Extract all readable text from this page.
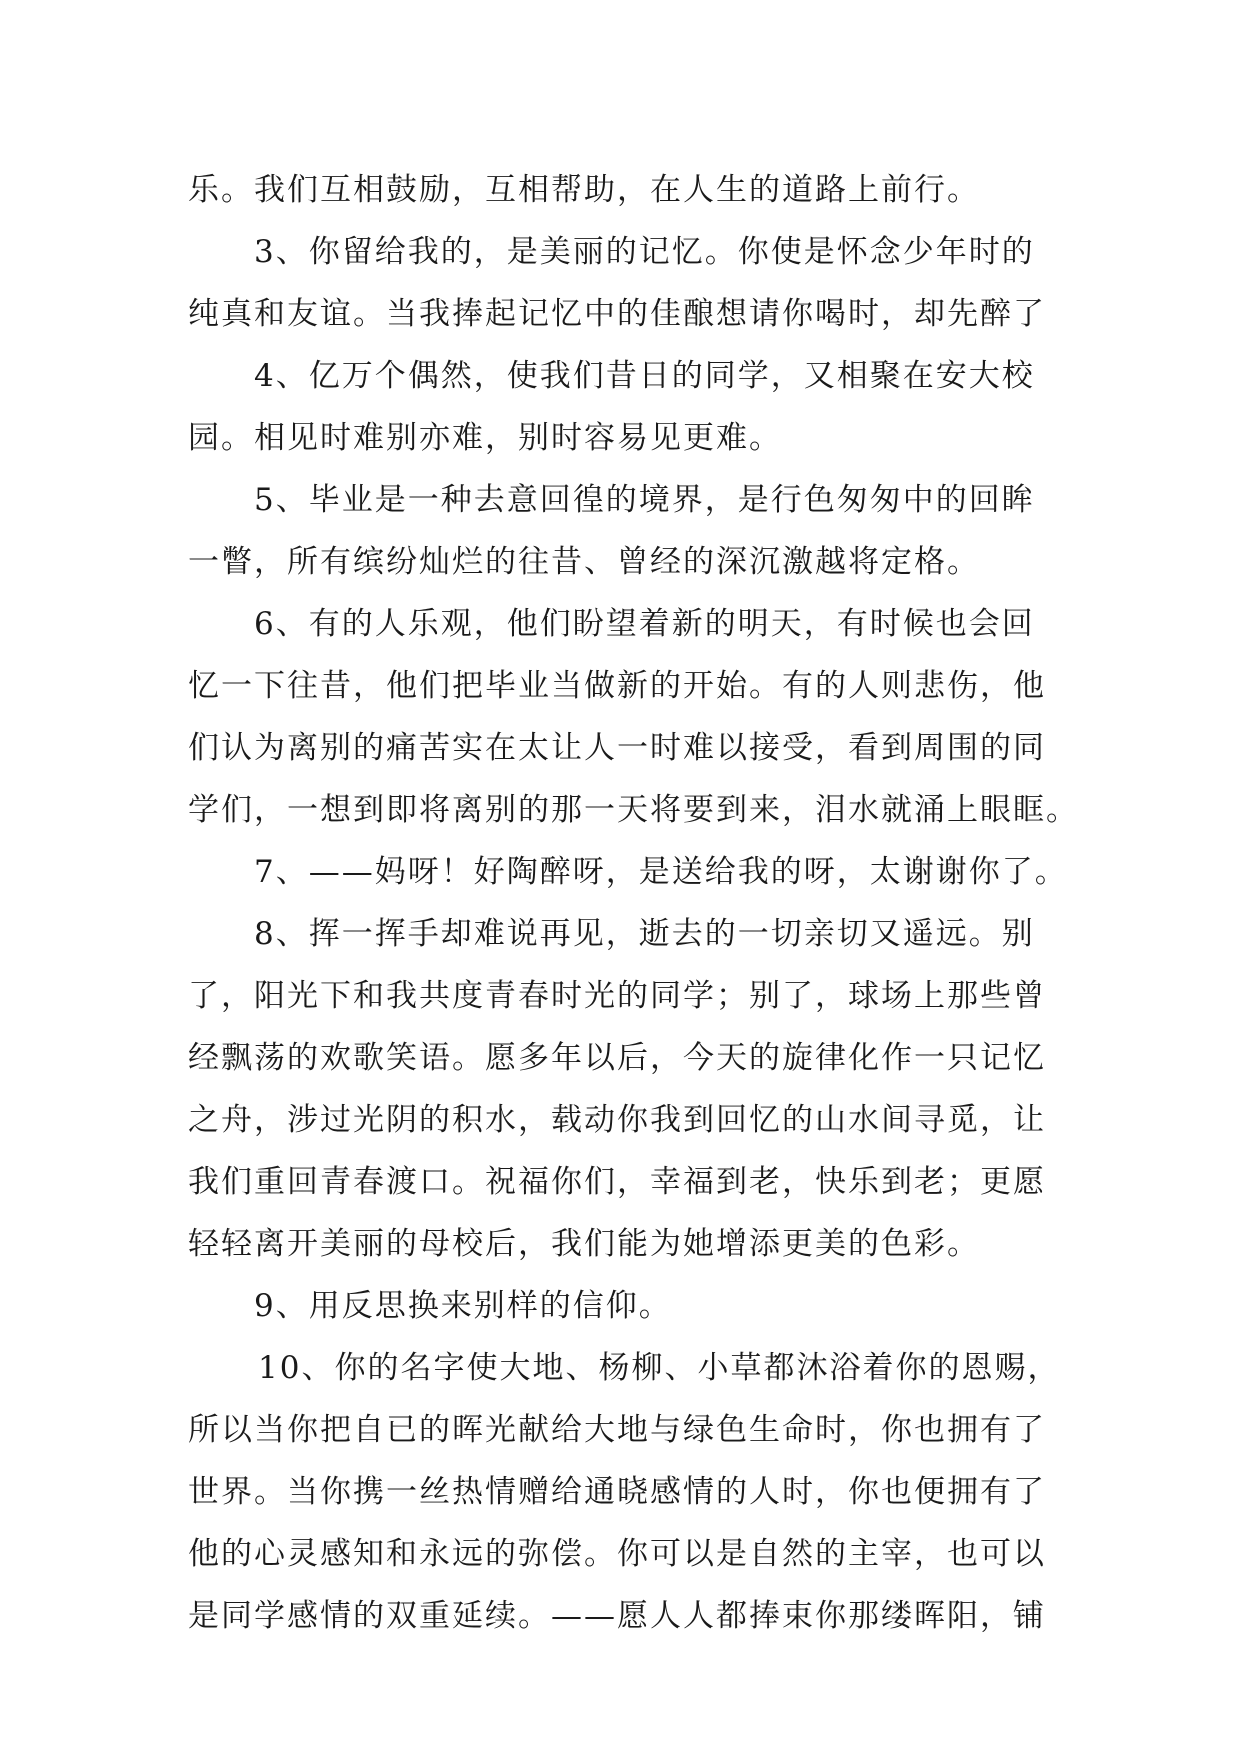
乐。我们互相鼓励，互相帮助，在人生的道路上前行。
3、你留给我的，是美丽的记忆。你使是怀念少年时的
纯真和友谊。当我捧起记忆中的佳酿想请你喝时，却先醉了
4、亿万个偶然，使我们昔日的同学，又相聚在安大校
园。相见时难别亦难，别时容易见更难。
5、毕业是一种去意回徨的境界，是行色匆匆中的回眸
一瞥，所有缤纷灿烂的往昔、曾经的深沉激越将定格。
6、有的人乐观，他们盼望着新的明天，有时候也会回
忆一下往昔，他们把毕业当做新的开始。有的人则悲伤，他
们认为离别的痛苦实在太让人一时难以接受，看到周围的同
学们，一想到即将离别的那一天将要到来，泪水就涌上眼眶。
7、——妈呀！好陶醉呀，是送给我的呀，太谢谢你了。
8、挥一挥手却难说再见，逝去的一切亲切又遥远。别
了，阳光下和我共度青春时光的同学；别了，球场上那些曾
经飘荡的欢歌笑语。愿多年以后，今天的旋律化作一只记忆
之舟，涉过光阴的积水，载动你我到回忆的山水间寻觅，让
我们重回青春渡口。祝福你们，幸福到老，快乐到老；更愿
轻轻离开美丽的母校后，我们能为她增添更美的色彩。
9、用反思换来别样的信仰。
10、你的名字使大地、杨柳、小草都沐浴着你的恩赐，
所以当你把自已的晖光献给大地与绿色生命时，你也拥有了
世界。当你携一丝热情赠给通晓感情的人时，你也便拥有了
他的心灵感知和永远的弥偿。你可以是自然的主宰，也可以
是同学感情的双重延续。——愿人人都捧束你那缕晖阳，铺
